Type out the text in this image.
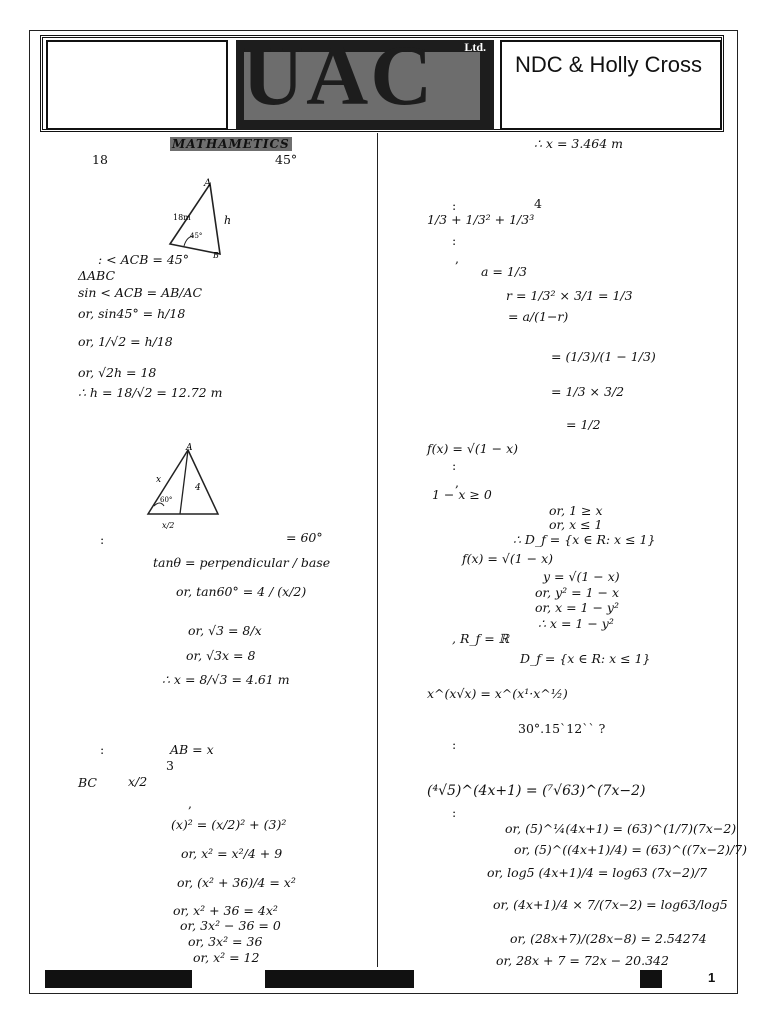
UAC Ltd.
NDC & Holly Cross
MATHAMETICS
18	45°
A
h
18m
45°
B
: < ACB = 45°
ΔABC
sin < ACB = AB/AC
or, sin45° = h/18
or, 1/√2 = h/18
or, √2h = 18
∴ h = 18/√2 = 12.72 m
A
60°
4
x
x/2
:	= 60°
tanθ = perpendicular / base
or, tan60° = 4 / (x/2)
or, √3 = 8/x
or, √3x = 8
∴ x = 8/√3 = 4.61 m
:	AB = x
3
BC x/2
,
(x)² = (x/2)² + (3)²
or, x² = x²/4 + 9
or, (x² + 36)/4 = x²
or, x² + 36 = 4x²
or, 3x² − 36 = 0
or, 3x² = 36
or, x² = 12
∴ x = 3.464 m
4
:
1/3 + 1/3² + 1/3³
:
,
a = 1/3
r = 1/3² × 3/1 = 1/3
= a/(1−r)
= (1/3)/(1 − 1/3)
= 1/3 × 3/2
= 1/2
f(x) = √(1 − x)
:
,
1 − x ≥ 0
or, 1 ≥ x
or, x ≤ 1
∴ D_f = {x ∈ R: x ≤ 1}
f(x) = √(1 − x)
y = √(1 − x)
or, y² = 1 − x
or, x = 1 − y²
∴ x = 1 − y²
, R_f = ℝ
D_f = {x ∈ R: x ≤ 1}
x^(x√x) = x^(x¹·x^½)
30°.15`12`` ?
:
(⁴√5)^(4x+1) = (⁷√63)^(7x−2)
:
or, (5)^¼(4x+1) = (63)^(1/7)(7x−2)
or, (5)^((4x+1)/4) = (63)^((7x−2)/7)
or, log5 (4x+1)/4 = log63 (7x−2)/7
or, (4x+1)/4 × 7/(7x−2) = log63/log5
or, (28x+7)/(28x−8) = 2.54274
or, 28x + 7 = 72x − 20.342
1
